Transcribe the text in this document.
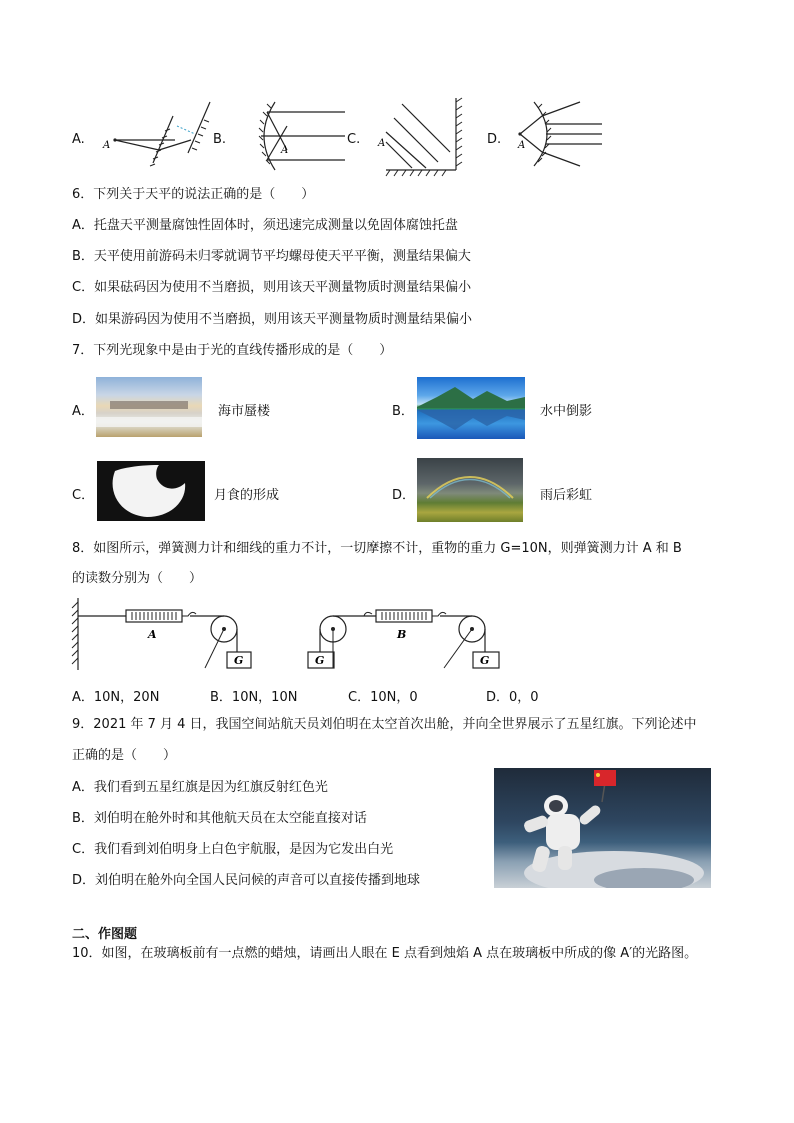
A. A	B.
A
C. A	D. A
6．下列关于天平的说法正确的是（　　）
A．托盘天平测量腐蚀性固体时，须迅速完成测量以免固体腐蚀托盘
B．天平使用前游码未归零就调节平均螺母使天平平衡，测量结果偏大
C．如果砝码因为使用不当磨损，则用该天平测量物质时测量结果偏小
D．如果游码因为使用不当磨损，则用该天平测量物质时测量结果偏小
7．下列光现象中是由于光的直线传播形成的是（　　）
A．	海市蜃楼	B．	水中倒影
C．	月食的形成	D．	雨后彩虹
8．如图所示，弹簧测力计和细线的重力不计，一切摩擦不计，重物的重力 G=10N，则弹簧测力计 A 和 B
的读数分别为（　　）
G
A
G	G
B
A．10N，20N	B．10N，10N	C．10N，0	D．0，0
9．2021 年 7 月 4 日，我国空间站航天员刘伯明在太空首次出舱，并向全世界展示了五星红旗。下列论述中
正确的是（　　）
A．我们看到五星红旗是因为红旗反射红色光
B．刘伯明在舱外时和其他航天员在太空能直接对话
C．我们看到刘伯明身上白色宇航服，是因为它发出白光
D．刘伯明在舱外向全国人民问候的声音可以直接传播到地球
二、作图题
10．如图，在玻璃板前有一点燃的蜡烛，请画出人眼在 E 点看到烛焰 A 点在玻璃板中所成的像 A′的光路图。
